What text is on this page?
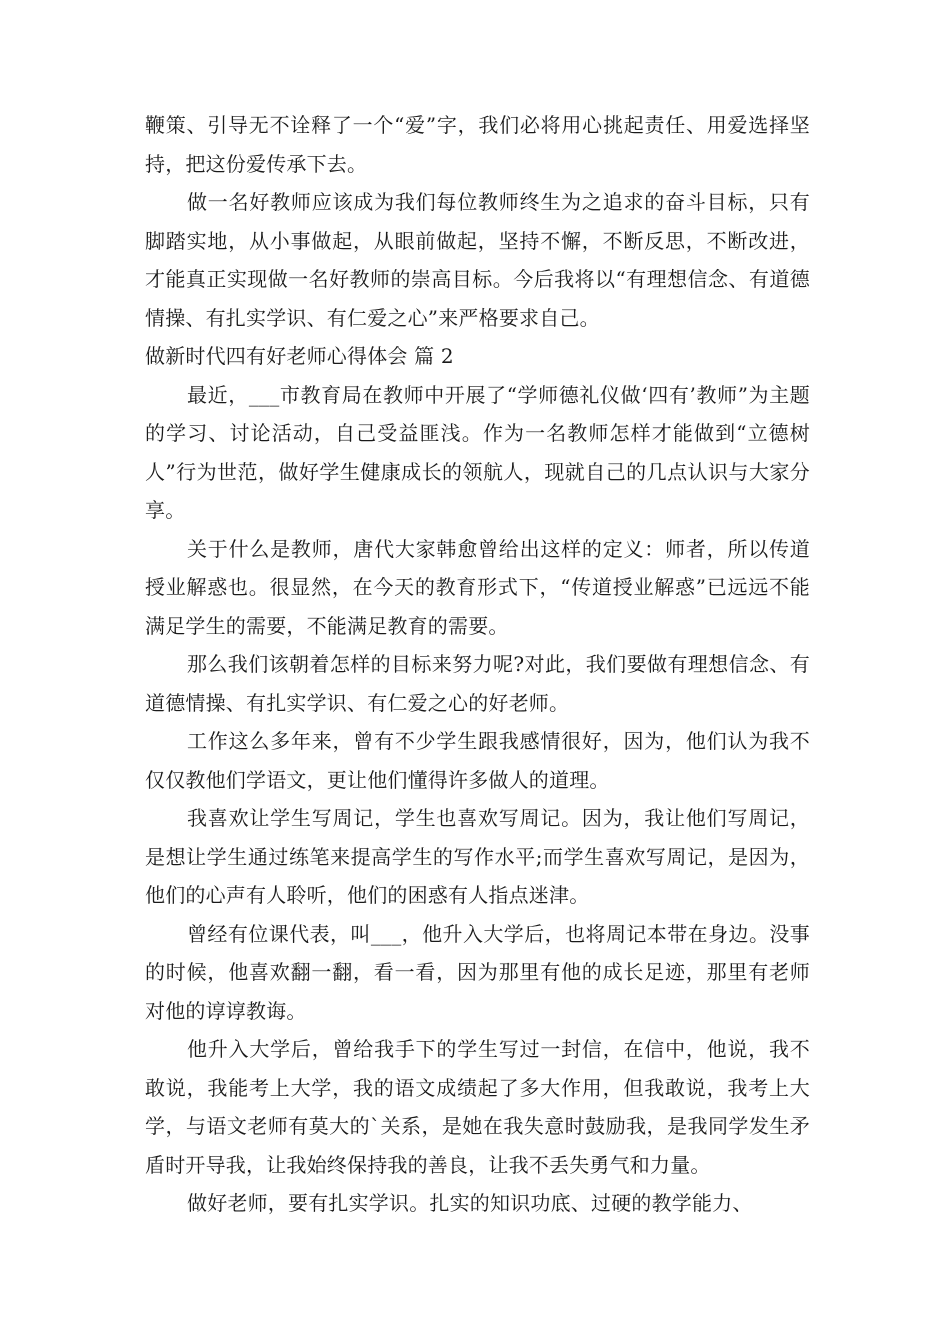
鞭策、引导无不诠释了一个“爱”字，我们必将用心挑起责任、用爱选择坚持，把这份爱传承下去。

做一名好教师应该成为我们每位教师终生为之追求的奋斗目标，只有脚踏实地，从小事做起，从眼前做起，坚持不懈，不断反思，不断改进，才能真正实现做一名好教师的崇高目标。今后我将以“有理想信念、有道德情操、有扎实学识、有仁爱之心”来严格要求自己。

做新时代四有好老师心得体会 篇 2

最近，___市教育局在教师中开展了“学师德礼仪做‘四有’教师”为主题的学习、讨论活动，自己受益匪浅。作为一名教师怎样才能做到“立德树人”行为世范，做好学生健康成长的领航人，现就自己的几点认识与大家分享。

关于什么是教师，唐代大家韩愈曾给出这样的定义：师者，所以传道授业解惑也。很显然，在今天的教育形式下，“传道授业解惑”已远远不能满足学生的需要，不能满足教育的需要。

那么我们该朝着怎样的目标来努力呢?对此，我们要做有理想信念、有道德情操、有扎实学识、有仁爱之心的好老师。

工作这么多年来，曾有不少学生跟我感情很好，因为，他们认为我不仅仅教他们学语文，更让他们懂得许多做人的道理。

我喜欢让学生写周记，学生也喜欢写周记。因为，我让他们写周记，是想让学生通过练笔来提高学生的写作水平;而学生喜欢写周记，是因为，他们的心声有人聆听，他们的困惑有人指点迷津。

曾经有位课代表，叫___，他升入大学后，也将周记本带在身边。没事的时候，他喜欢翻一翻，看一看，因为那里有他的成长足迹，那里有老师对他的谆谆教诲。

他升入大学后，曾给我手下的学生写过一封信，在信中，他说，我不敢说，我能考上大学，我的语文成绩起了多大作用，但我敢说，我考上大学，与语文老师有莫大的`关系，是她在我失意时鼓励我，是我同学发生矛盾时开导我，让我始终保持我的善良，让我不丢失勇气和力量。

做好老师，要有扎实学识。扎实的知识功底、过硬的教学能力、
